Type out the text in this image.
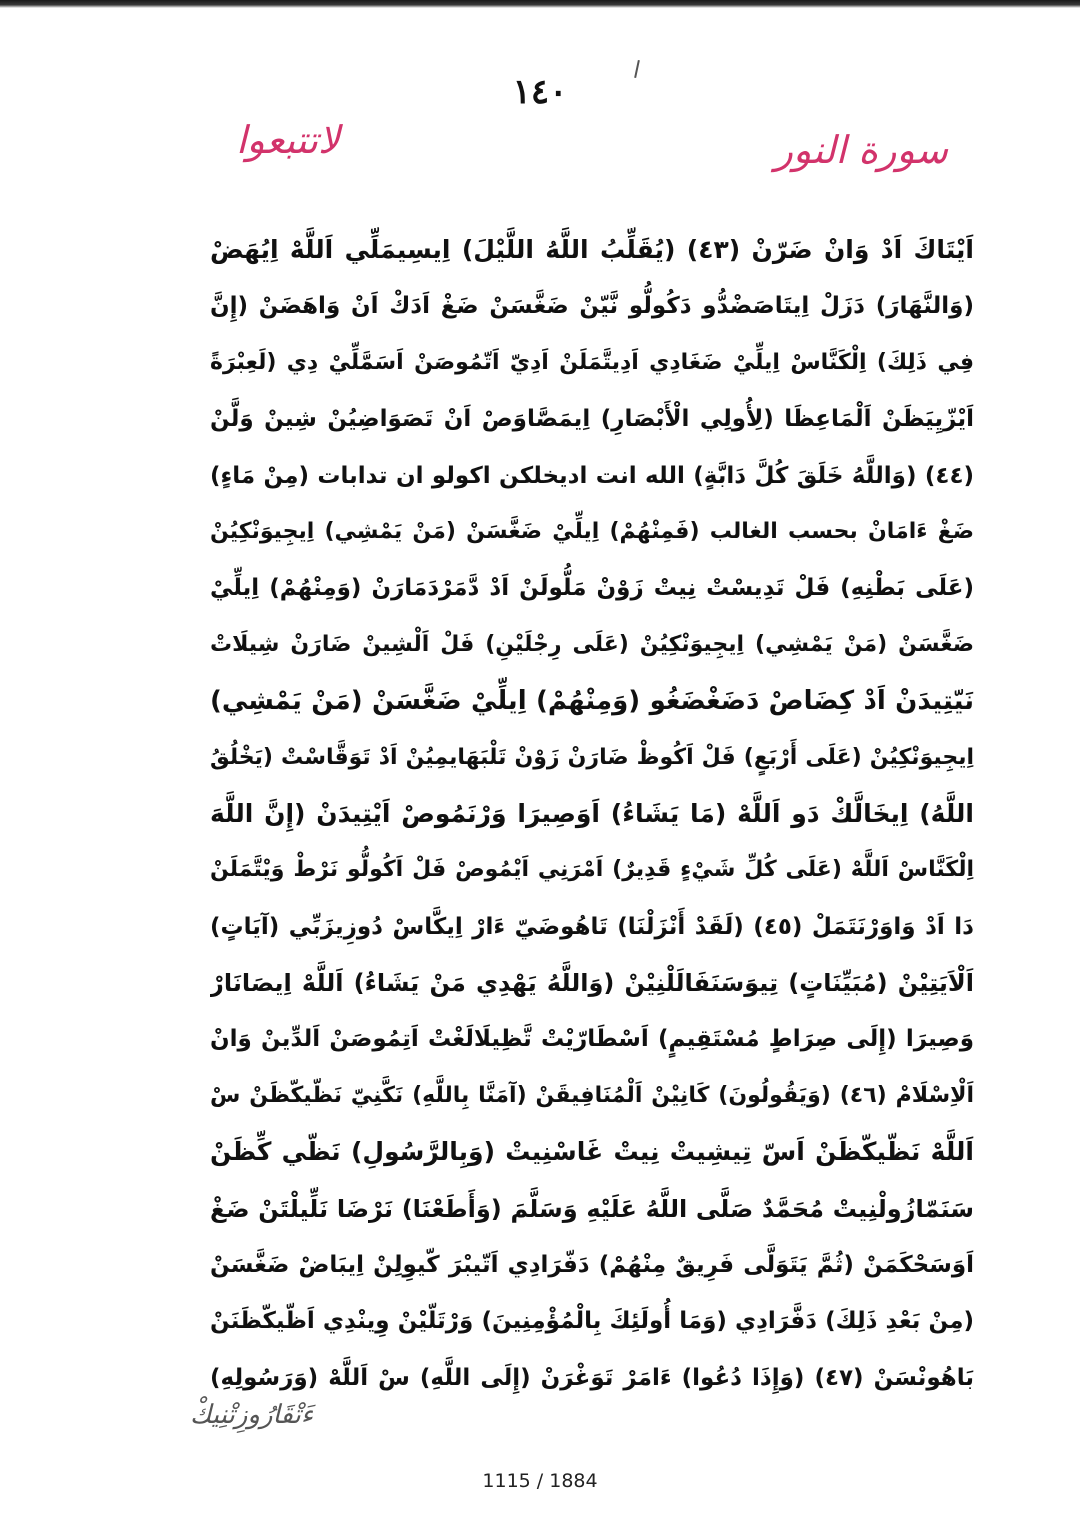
١٤٠
سورة النور
لاتتبعوا
اَيْتَاكَ اَدْ وَانْ ضَرّنْ (٤٣) (يُقَلِّبُ اللَّهُ اللَّيْلَ) اِيسِيمَلِّي اَللَّهْ اِيُهَضْ
(وَالنَّهَارَ) دَزَلْ اِيتَاصَضْدُّو دَكُولُّو نَّيّنْ ضَغَّسَنْ ضَغْ اَدَكْ اَنْ وَاهَضَنْ (إِنَّ
فِي ذَلِكَ) اِلْكَنَّاسْ اِيلِّيْ ضَغَادِي اَدِيتَّمَلَنْ اَدِيّ اَتّمُوصَنْ اَسَمَّلِّيْ دِي (لَعِبْرَةً
اَيْزّيِيَظَنْ اَلْمَاعِظَا (لِأُولِي الْأَبْصَارِ) اِيمَصَّاوَصْ اَنْ تَصَوَاضِيُنْ شِينْ وَلَّنْ
(٤٤) (وَاللَّهُ خَلَقَ كُلَّ دَابَّةٍ) الله انت اديخلكن اكولو ان تدابات (مِنْ مَاءٍ)
ضَغْ ءَامَانْ بحسب الغالب (فَمِنْهُمْ) اِيلِّيْ ضَغَّسَنْ (مَنْ يَمْشِي) اِيجِيوَنْكِيُنْ
(عَلَى بَطْنِهِ) فَلْ تَدِيسْتْ نِيتْ زَوْنْ مَلُّولَنْ اَدْ دَّمَرْدَمَارَنْ (وَمِنْهُمْ) اِيلِّيْ
ضَغَّسَنْ (مَنْ يَمْشِي) اِيجِيوَنْكِيُنْ (عَلَى رِجْلَيْنِ) فَلْ اَلْشِينْ ضَارَنْ شِيلَاتْ
نَيّتِيدَنْ اَدْ كِضَاصْ دَضَغْضَغُو (وَمِنْهُمْ) اِيلِّيْ ضَغَّسَنْ (مَنْ يَمْشِي)
اِيجِيوَنْكِيُنْ (عَلَى أَرْبَعٍ) فَلْ اَكُوظْ ضَارَنْ زَوْنْ تَلْبَهَايمِيُنْ اَدْ تَوَقَّاسْتْ (يَخْلُقُ
اللَّهُ) اِيخَالَّكْ دَو اَللَّهْ (مَا يَشَاءُ) اَوَصِيرَا وَرْنَمُوصْ اَيْتِيدَنْ (إِنَّ اللَّهَ
اِلْكَنَّاسْ اَللَّهْ (عَلَى كُلِّ شَيْءٍ قَدِيرٌ) اَمْرَنِي اَيْمُوصْ فَلْ اَكُولُّو نَرْطْ وَيْتَّمَلَنْ
دَا اَدْ وَاوَرْنَتَمَلْ (٤٥) (لَقَدْ أَنْزَلْنَا) تَاهُوضَيّ ءَارْ اِيكَّاسْ دُوزِيزَبِّي (آيَاتٍ)
اَلْاَيَتِيْنْ (مُبَيِّنَاتٍ) تِيوَسَنَفَالَلْنِيْنْ (وَاللَّهُ يَهْدِي مَنْ يَشَاءُ) اَللَّهْ اِيصَانَارْ
وَصِيرَا (إِلَى صِرَاطٍ مُسْتَقِيمٍ) اَسْطَارّيْتْ تَّظِيلَالَغْتْ اَتِمُوصَنْ اَلدِّينْ وَانْ
اَلْاِسْلَامْ (٤٦) (وَيَقُولُونَ) كَانِيْنْ اَلْمُنَافِيقَنْ (آمَنَّا بِاللَّهِ) نَكَّنِيّ نَظّيكّظَنْ سْ
اَللَّهْ نَظّيكّظَنْ اَسّ تِيشِيتْ نِيتْ غَاسْنِيتْ (وَبِالرَّسُولِ) نَظّي كِّظَنْ
سَنَمّازُولْنِيتْ مُحَمَّدٌ صَلَّى اللَّهُ عَلَيْهِ وَسَلَّمَ (وَأَطَعْنَا) نَرْضَا نَلِّيلْتَنْ ضَغْ
اَوَسَحْكَمَنْ (ثُمَّ يَتَوَلَّى فَرِيقٌ مِنْهُمْ) دَفّرَادِي اَتّيبْرَ كّيوِلِنْ اِيبَاضْ ضَغَّسَنْ
(مِنْ بَعْدِ ذَلِكَ) دَفَّرَادِي (وَمَا أُولَئِكَ بِالْمُؤْمِنِينَ) وَرْتَلّيْنْ وِينْدِي اَظّيكّظَنَنْ
بَاهُونْسَنْ (٤٧) (وَإِذَا دُعُوا) ءَامَرْ تَوَغْرَنْ (إِلَى اللَّهِ) سْ اَللَّهْ (وَرَسُولِهِ)
ءَتْقَارُوزِتْنِيكْ
1115 / 1884
